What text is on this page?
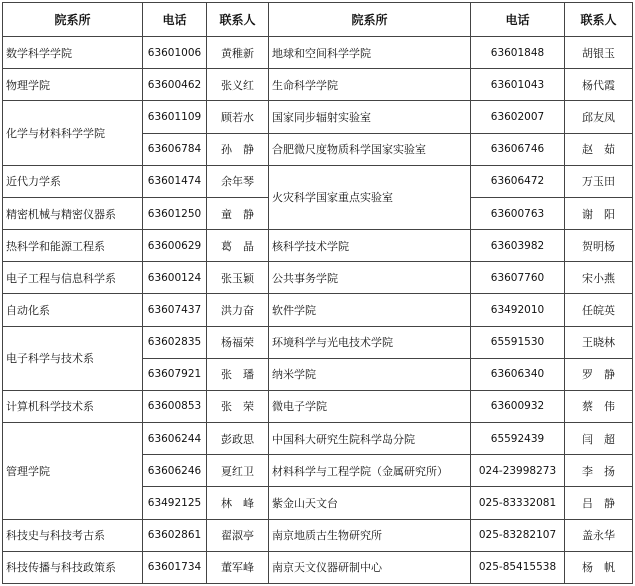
院系所	电话	联系人	院系所	电话	联系人
数学科学学院	63601006	黄稚新	地球和空间科学学院	63601848	胡银玉
物理学院	63600462	张义红	生命科学学院	63601043	杨代霞
化学与材料科学学院	63601109	顾若水	国家同步辐射实验室	63602007	邱友凤
	63606784	孙　静	合肥微尺度物质科学国家实验室	63606746	赵　茹
近代力学系	63601474	余年琴	火灾科学国家重点实验室	63606472	万玉田
精密机械与精密仪器系	63601250	童　静		63600763	谢　阳
热科学和能源工程系	63600629	葛　晶	核科学技术学院	63603982	贺明杨
电子工程与信息科学系	63600124	张玉颖	公共事务学院	63607760	宋小燕
自动化系	63607437	洪力奋	软件学院	63492010	任皖英
电子科学与技术系	63602835	杨福荣	环境科学与光电技术学院	65591530	王晓林
	63607921	张　璠	纳米学院	63606340	罗　静
计算机科学技术系	63600853	张　荣	微电子学院	63600932	蔡　伟
管理学院	63606244	彭政思	中国科大研究生院科学岛分院	65592439	闫　超
	63606246	夏红卫	材料科学与工程学院（金属研究所）	024-23998273	李　扬
	63492125	林　峰	紫金山天文台	025-83332081	吕　静
科技史与科技考古系	63602861	翟淑亭	南京地质古生物研究所	025-83282107	盖永华
科技传播与科技政策系	63601734	董军峰	南京天文仪器研制中心	025-85415538	杨　帆
